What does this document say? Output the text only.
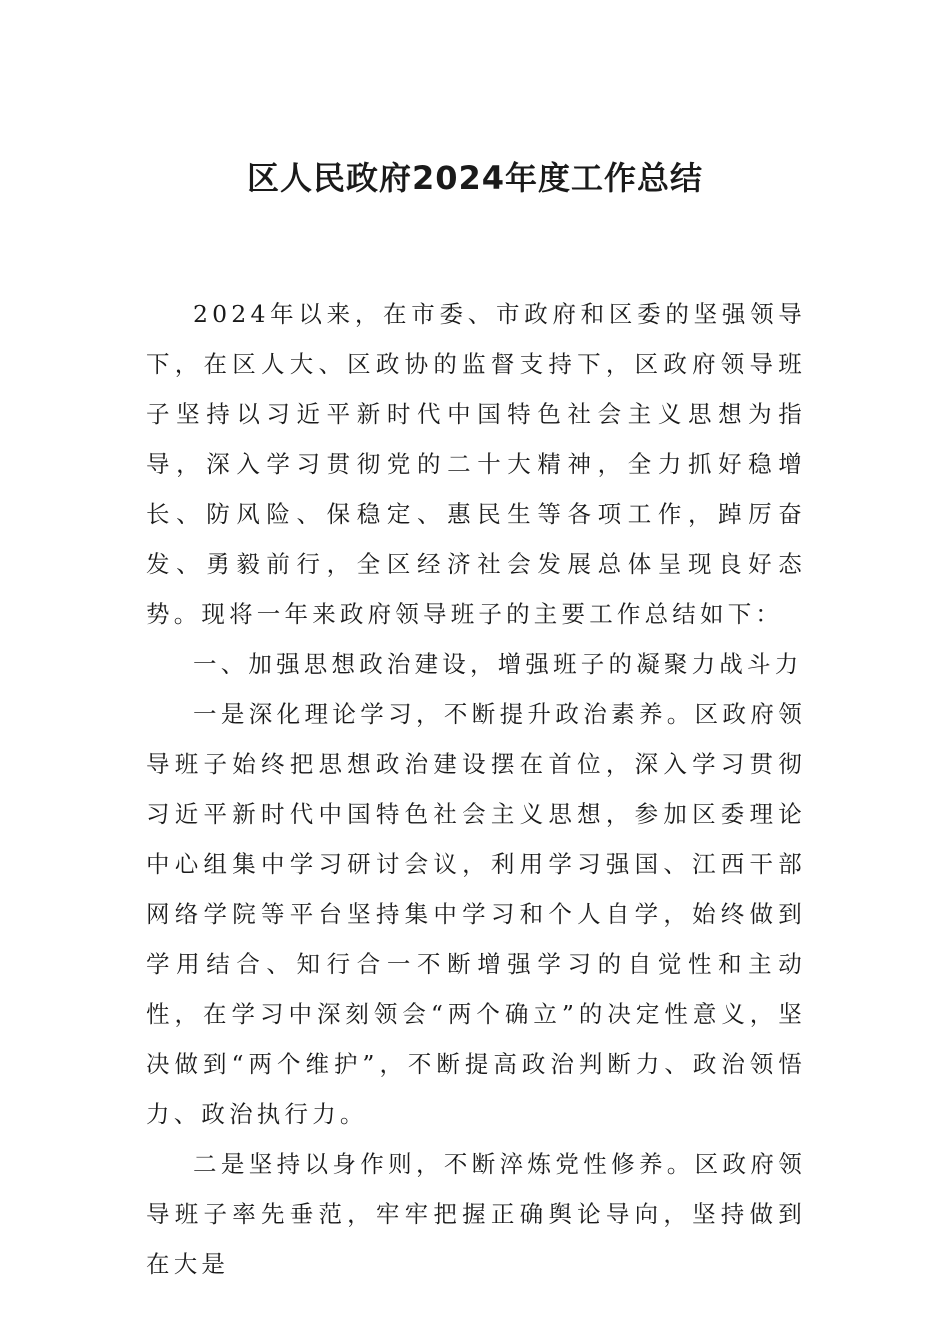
区人民政府2024年度工作总结

2024年以来，在市委、市政府和区委的坚强领导下，在区人大、区政协的监督支持下，区政府领导班子坚持以习近平新时代中国特色社会主义思想为指导，深入学习贯彻党的二十大精神，全力抓好稳增长、防风险、保稳定、惠民生等各项工作，踔厉奋发、勇毅前行，全区经济社会发展总体呈现良好态势。现将一年来政府领导班子的主要工作总结如下：

一、加强思想政治建设，增强班子的凝聚力战斗力

一是深化理论学习，不断提升政治素养。区政府领导班子始终把思想政治建设摆在首位，深入学习贯彻习近平新时代中国特色社会主义思想，参加区委理论中心组集中学习研讨会议，利用学习强国、江西干部网络学院等平台坚持集中学习和个人自学，始终做到学用结合、知行合一不断增强学习的自觉性和主动性，在学习中深刻领会“两个确立”的决定性意义，坚决做到“两个维护”，不断提高政治判断力、政治领悟力、政治执行力。

二是坚持以身作则，不断淬炼党性修养。区政府领导班子率先垂范，牢牢把握正确舆论导向，坚持做到在大是
